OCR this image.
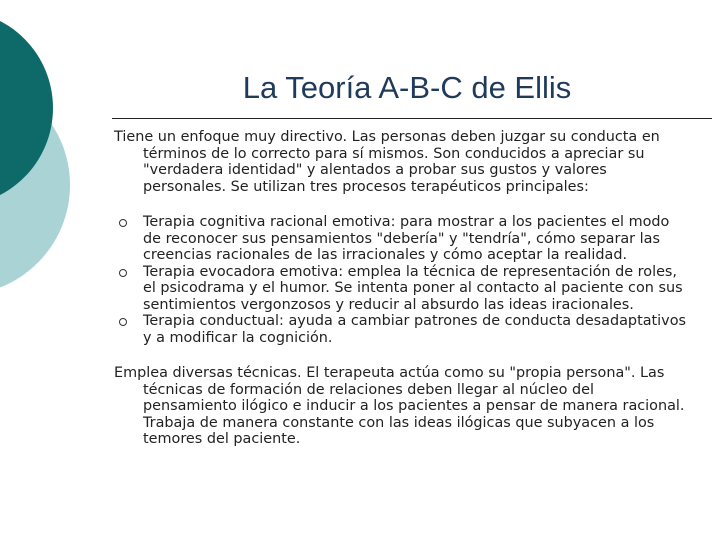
La Teoría A-B-C de Ellis

Tiene un enfoque muy directivo. Las personas deben juzgar su conducta en términos de lo correcto para sí mismos. Son conducidos a apreciar su "verdadera identidad" y alentados a probar sus gustos y valores personales. Se utilizan tres procesos terapéuticos principales:

Terapia cognitiva racional emotiva: para mostrar a los pacientes el modo de reconocer sus pensamientos "debería" y "tendría", cómo separar las creencias racionales de las irracionales y cómo aceptar la realidad.
Terapia evocadora emotiva: emplea la técnica de representación de roles, el psicodrama y el humor. Se intenta poner al contacto al paciente con sus sentimientos vergonzosos y reducir al absurdo las ideas iracionales.
Terapia conductual: ayuda a cambiar patrones de conducta desadaptativos y a modificar la cognición.

Emplea diversas técnicas. El terapeuta actúa como su "propia persona". Las técnicas de formación de relaciones deben llegar al núcleo del pensamiento ilógico e inducir a los pacientes a pensar de manera racional. Trabaja de manera constante con las ideas ilógicas que subyacen a los temores del paciente.
